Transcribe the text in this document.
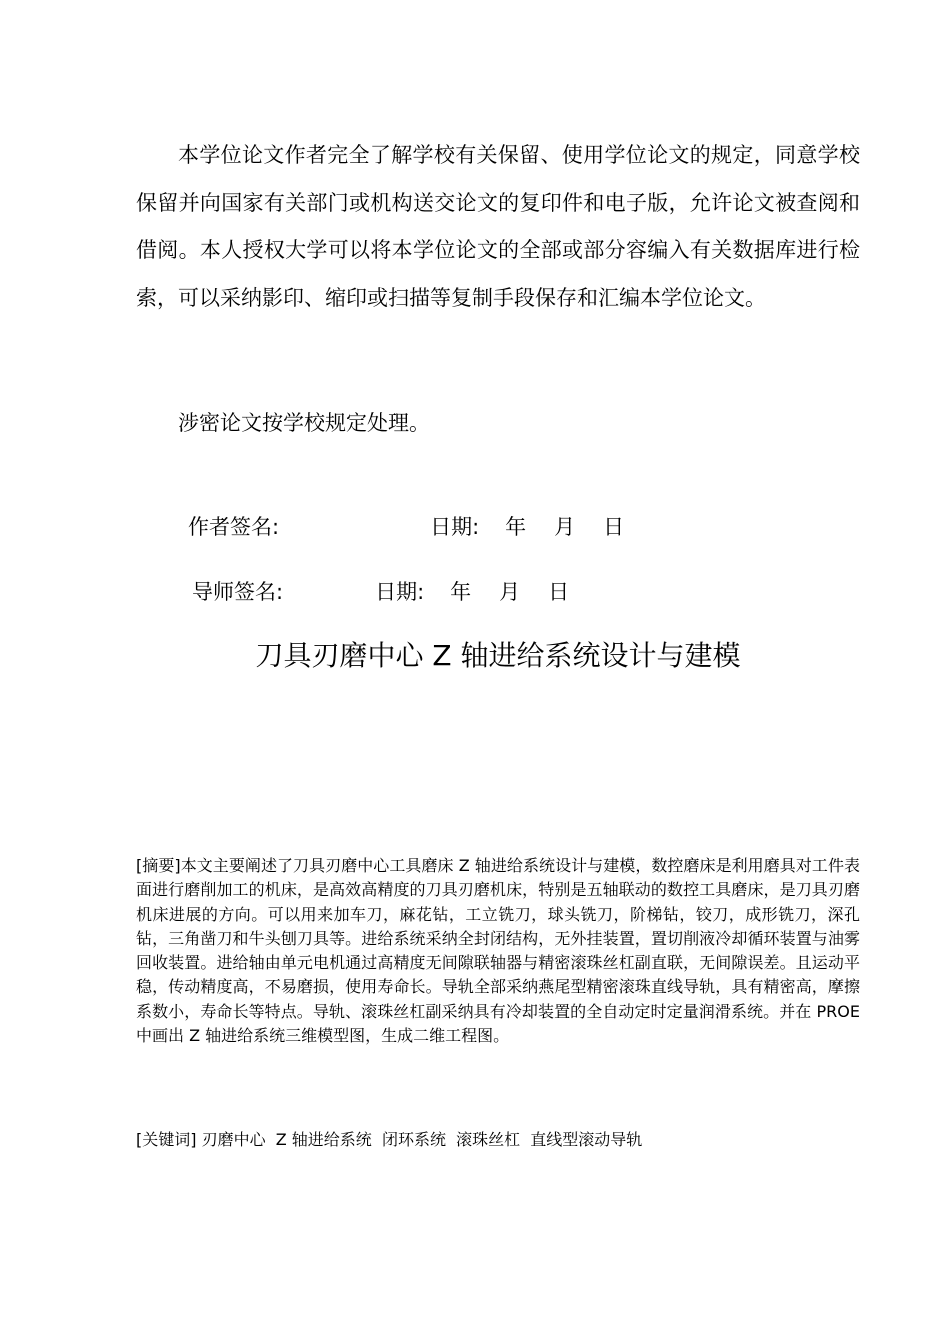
本学位论文作者完全了解学校有关保留、使用学位论文的规定，同意学校保留并向国家有关部门或机构送交论文的复印件和电子版，允许论文被查阅和借阅。本人授权大学可以将本学位论文的全部或部分容编入有关数据库进行检索，可以采纳影印、缩印或扫描等复制手段保存和汇编本学位论文。

涉密论文按学校规定处理。

作者签名:	日期: 年 月 日
导师签名:	日期: 年 月 日
刀具刃磨中心 Z 轴进给系统设计与建模

[摘要]本文主要阐述了刀具刃磨中心工具磨床 Z 轴进给系统设计与建模，数控磨床是利用磨具对工件表面进行磨削加工的机床，是高效高精度的刀具刃磨机床，特别是五轴联动的数控工具磨床，是刀具刃磨机床进展的方向。可以用来加车刀，麻花钻，工立铣刀，球头铣刀，阶梯钻，铰刀，成形铣刀，深孔钻，三角凿刀和牛头刨刀具等。进给系统采纳全封闭结构，无外挂装置，置切削液冷却循环装置与油雾回收装置。进给轴由单元电机通过高精度无间隙联轴器与精密滚珠丝杠副直联，无间隙误差。且运动平稳，传动精度高，不易磨损，使用寿命长。导轨全部采纳燕尾型精密滚珠直线导轨，具有精密高，摩擦系数小，寿命长等特点。导轨、滚珠丝杠副采纳具有冷却装置的全自动定时定量润滑系统。并在 PROE 中画出 Z 轴进给系统三维模型图，生成二维工程图。

[关键词] 刃磨中心  Z 轴进给系统  闭环系统  滚珠丝杠  直线型滚动导轨
